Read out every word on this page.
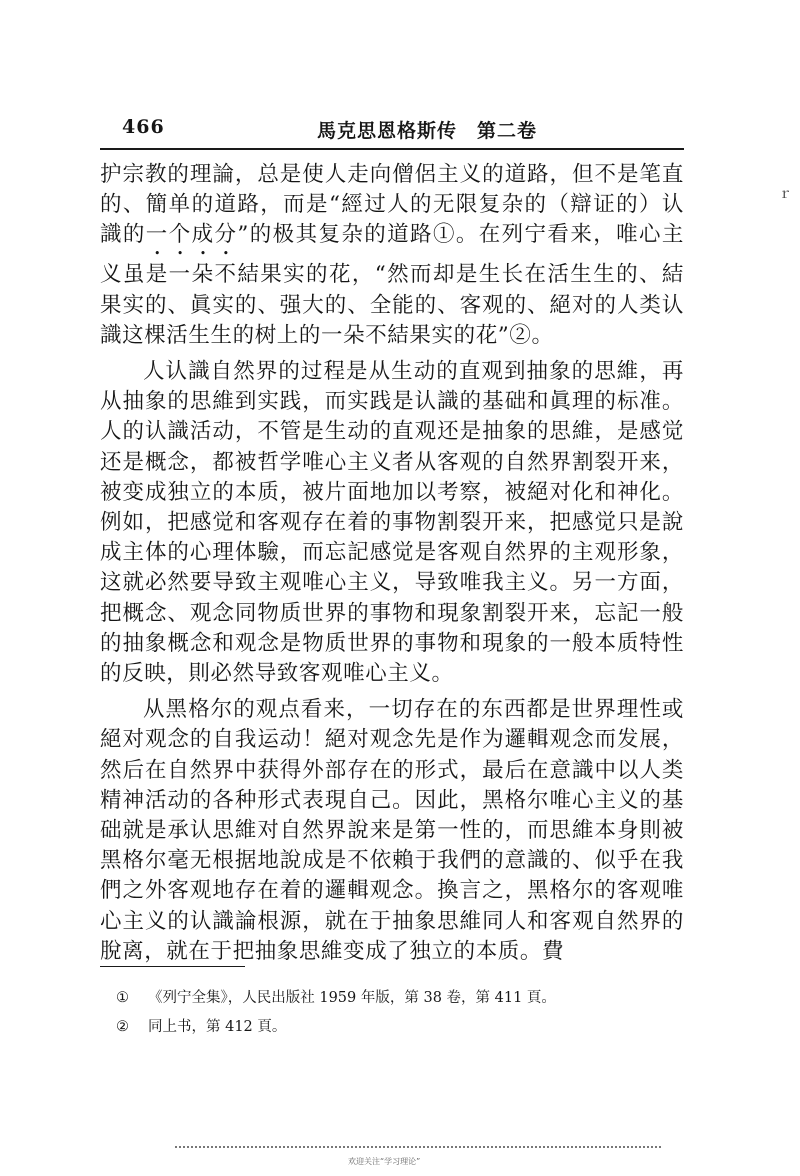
466	馬克思恩格斯传　第二卷

护宗教的理論，总是使人走向僧侶主义的道路，但不是笔直的、簡单的道路，而是“經过人的无限复杂的（辯证的）认識的一个成分”的极其复杂的道路①。在列宁看来，唯心主义虽是一朵不結果实的花，“然而却是生长在活生生的、結果实的、眞实的、强大的、全能的、客观的、絕对的人类认識这棵活生生的树上的一朵不結果实的花”②。

人认識自然界的过程是从生动的直观到抽象的思維，再从抽象的思維到实践，而实践是认識的基础和眞理的标准。人的认識活动，不管是生动的直观还是抽象的思維，是感觉还是概念，都被哲学唯心主义者从客观的自然界割裂开来，被变成独立的本质，被片面地加以考察，被絕对化和神化。例如，把感觉和客观存在着的事物割裂开来，把感觉只是說成主体的心理体驗，而忘記感觉是客观自然界的主观形象，这就必然要导致主观唯心主义，导致唯我主义。另一方面，把概念、观念同物质世界的事物和現象割裂开来，忘記一般的抽象概念和观念是物质世界的事物和現象的一般本质特性的反映，則必然导致客观唯心主义。

从黑格尔的观点看来，一切存在的东西都是世界理性或絕对观念的自我运动！絕对观念先是作为邏輯观念而发展，然后在自然界中获得外部存在的形式，最后在意識中以人类精神活动的各种形式表現自己。因此，黑格尔唯心主义的基础就是承认思維对自然界說来是第一性的，而思維本身則被黑格尔毫无根据地說成是不依賴于我們的意識的、似乎在我們之外客观地存在着的邏輯观念。換言之，黑格尔的客观唯心主义的认識論根源，就在于抽象思維同人和客观自然界的脫离，就在于把抽象思維变成了独立的本质。費

① 《列宁全集》，人民出版社 1959 年版，第 38 卷，第 411 頁。
② 同上书，第 412 頁。
ｒ
欢迎关注“学习理论”
